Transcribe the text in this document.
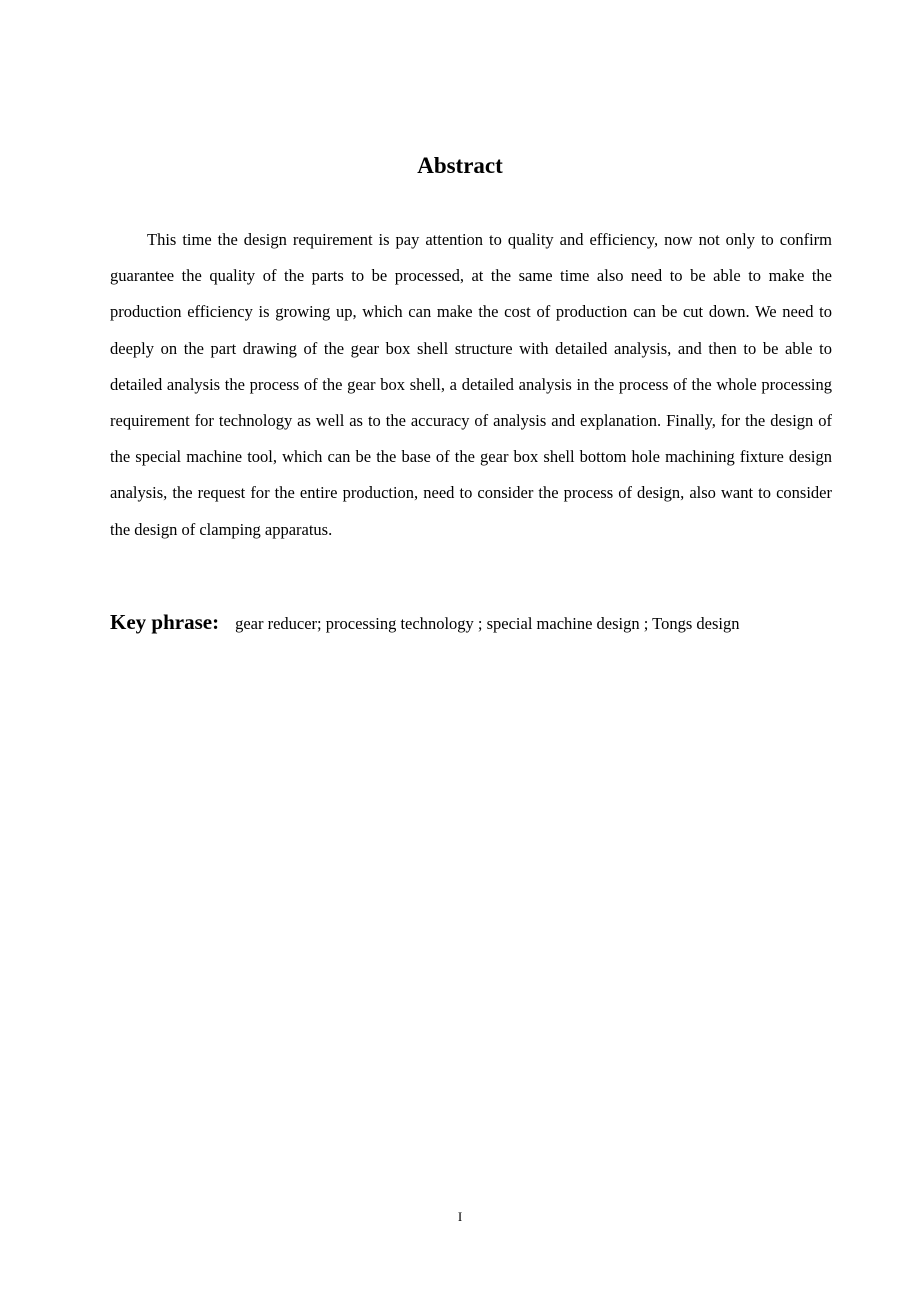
Abstract

This time the design requirement is pay attention to quality and efficiency, now not only to confirm guarantee the quality of the parts to be processed, at the same time also need to be able to make the production efficiency is growing up, which can make the cost of production can be cut down. We need to deeply on the part drawing of the gear box shell structure with detailed analysis, and then to be able to detailed analysis the process of the gear box shell, a detailed analysis in the process of the whole processing requirement for technology as well as to the accuracy of analysis and explanation. Finally, for the design of the special machine tool, which can be the base of the gear box shell bottom hole machining fixture design analysis, the request for the entire production, need to consider the process of design, also want to consider the design of clamping apparatus.

Key phrase: gear reducer; processing technology ; special machine design ; Tongs design

I
